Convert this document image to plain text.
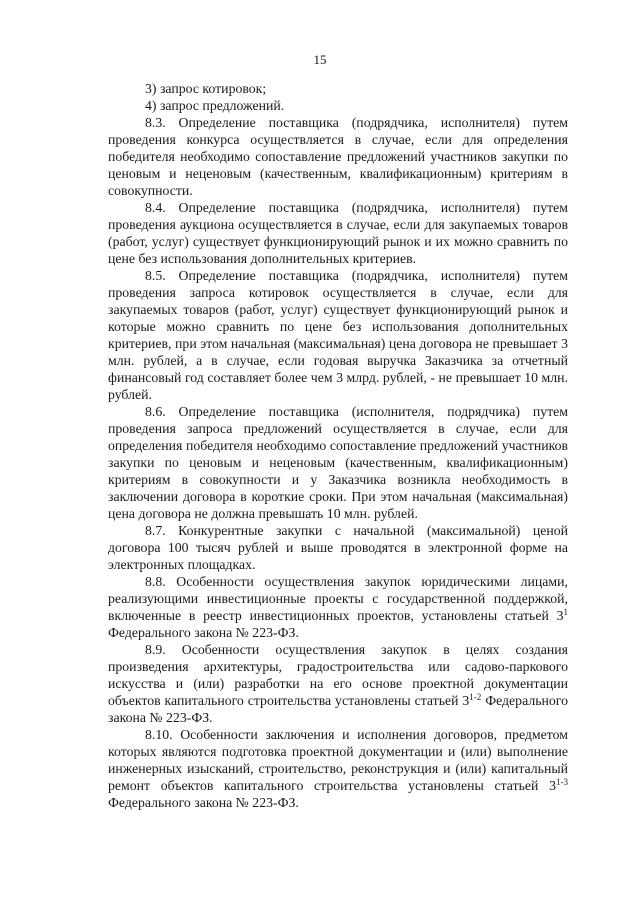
15

3) запрос котировок;

4) запрос предложений.

8.3. Определение поставщика (подрядчика, исполнителя) путем проведения конкурса осуществляется в случае, если для определения победителя необходимо сопоставление предложений участников закупки по ценовым и неценовым (качественным, квалификационным) критериям в совокупности.

8.4. Определение поставщика (подрядчика, исполнителя) путем проведения аукциона осуществляется в случае, если для закупаемых товаров (работ, услуг) существует функционирующий рынок и их можно сравнить по цене без использования дополнительных критериев.

8.5. Определение поставщика (подрядчика, исполнителя) путем проведения запроса котировок осуществляется в случае, если для закупаемых товаров (работ, услуг) существует функционирующий рынок и которые можно сравнить по цене без использования дополнительных критериев, при этом начальная (максимальная) цена договора не превышает 3 млн. рублей, а в случае, если годовая выручка Заказчика за отчетный финансовый год составляет более чем 3 млрд. рублей, - не превышает 10 млн. рублей.

8.6. Определение поставщика (исполнителя, подрядчика) путем проведения запроса предложений осуществляется в случае, если для определения победителя необходимо сопоставление предложений участников закупки по ценовым и неценовым (качественным, квалификационным) критериям в совокупности и у Заказчика возникла необходимость в заключении договора в короткие сроки. При этом начальная (максимальная) цена договора не должна превышать 10 млн. рублей.

8.7. Конкурентные закупки с начальной (максимальной) ценой договора 100 тысяч рублей и выше проводятся в электронной форме на электронных площадках.

8.8. Особенности осуществления закупок юридическими лицами, реализующими инвестиционные проекты с государственной поддержкой, включенные в реестр инвестиционных проектов, установлены статьей $3^1$ Федерального закона № 223-ФЗ.

8.9. Особенности осуществления закупок в целях создания произведения архитектуры, градостроительства или садово-паркового искусства и (или) разработки на его основе проектной документации объектов капитального строительства установлены статьей 3$^{1-2}$ Федерального закона № 223-ФЗ.

8.10. Особенности заключения и исполнения договоров, предметом которых являются подготовка проектной документации и (или) выполнение инженерных изысканий, строительство, реконструкция и (или) капитальный ремонт объектов капитального строительства установлены статьей 3$^{1-3}$ Федерального закона № 223-ФЗ.
